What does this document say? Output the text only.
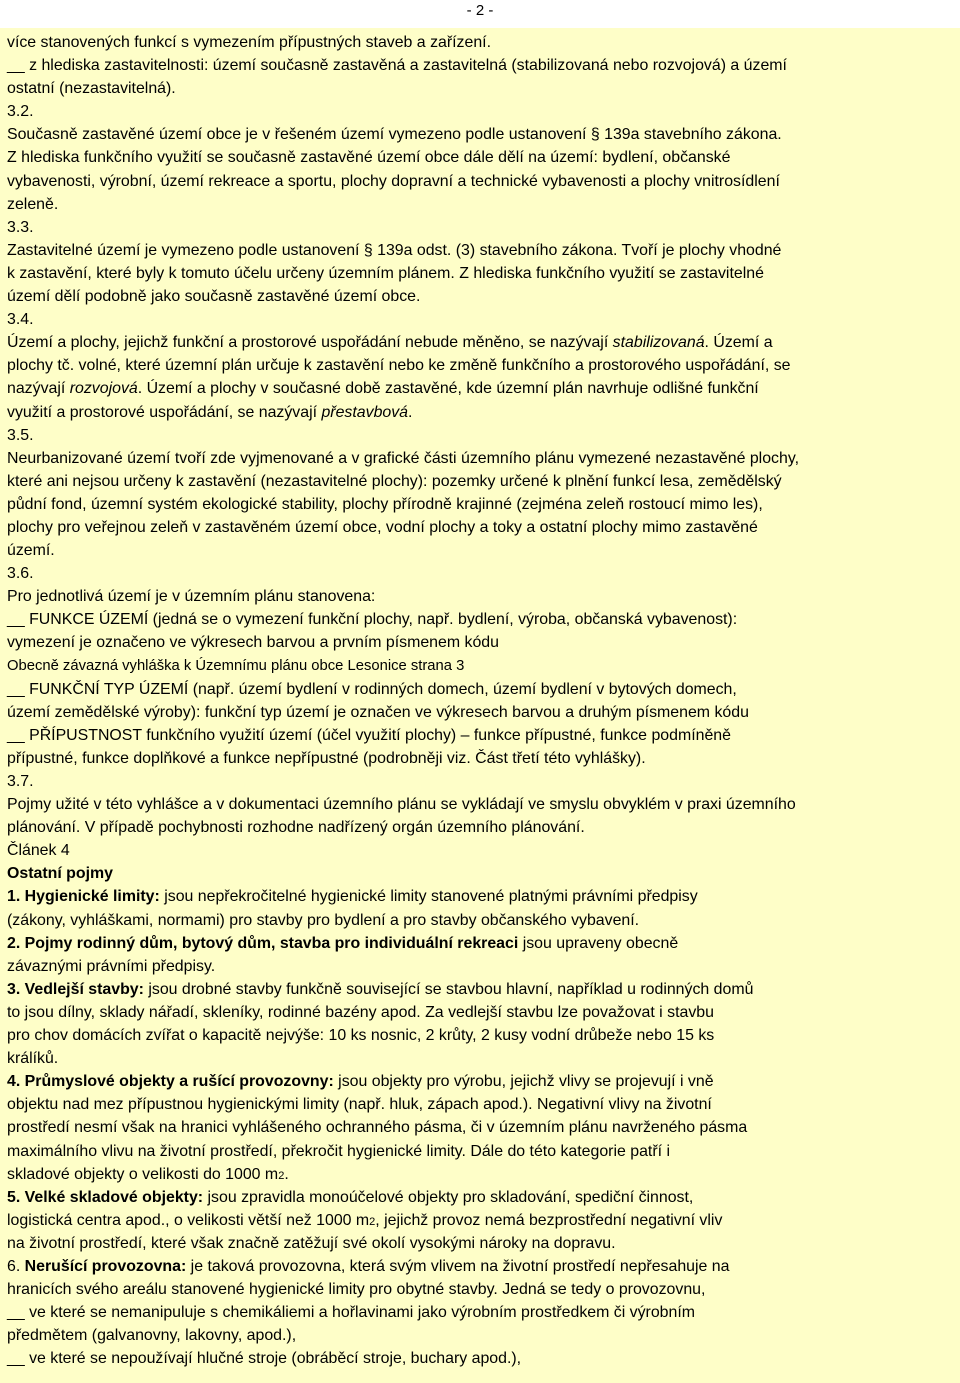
- 2 -
více stanovených funkcí s vymezením přípustných staveb a zařízení.
__ z hlediska zastavitelnosti: území současně zastavěná a zastavitelná (stabilizovaná nebo rozvojová) a území
ostatní (nezastavitelná).
3.2.
Současně zastavěné území obce je v řešeném území vymezeno podle ustanovení § 139a stavebního zákona.
Z hlediska funkčního využití se současně zastavěné území obce dále dělí na území: bydlení, občanské
vybavenosti, výrobní, území rekreace a sportu, plochy dopravní a technické vybavenosti a plochy vnitrosídlení
zeleně.
3.3.
Zastavitelné území je vymezeno podle ustanovení § 139a odst. (3) stavebního zákona. Tvoří je plochy vhodné
k zastavění, které byly k tomuto účelu určeny územním plánem. Z hlediska funkčního využití se zastavitelné
území dělí podobně jako současně zastavěné území obce.
3.4.
Území a plochy, jejichž funkční a prostorové uspořádání nebude měněno, se nazývají stabilizovaná. Území a
plochy tč. volné, které územní plán určuje k zastavění nebo ke změně funkčního a prostorového uspořádání, se
nazývají rozvojová. Území a plochy v současné době zastavěné, kde územní plán navrhuje odlišné funkční
využití a prostorové uspořádání, se nazývají přestavbová.
3.5.
Neurbanizované území tvoří zde vyjmenované a v grafické části územního plánu vymezené nezastavěné plochy,
které ani nejsou určeny k zastavění (nezastavitelné plochy): pozemky určené k plnění funkcí lesa, zemědělský
půdní fond, územní systém ekologické stability, plochy přírodně krajinné (zejména zeleň rostoucí mimo les),
plochy pro veřejnou zeleň v zastavěném území obce, vodní plochy a toky a ostatní plochy mimo zastavěné
území.
3.6.
Pro jednotlivá území je v územním plánu stanovena:
__ FUNKCE ÚZEMÍ (jedná se o vymezení funkční plochy, např. bydlení, výroba, občanská vybavenost):
vymezení je označeno ve výkresech barvou a prvním písmenem kódu
Obecně závazná vyhláška k Územnímu plánu obce Lesonice strana 3
__ FUNKČNÍ TYP ÚZEMÍ (např. území bydlení v rodinných domech, území bydlení v bytových domech,
území zemědělské výroby): funkční typ území je označen ve výkresech barvou a druhým písmenem kódu
__ PŘÍPUSTNOST funkčního využití území (účel využití plochy) – funkce přípustné, funkce podmíněně
přípustné, funkce doplňkové a funkce nepřípustné (podrobněji viz. Část třetí této vyhlášky).
3.7.
Pojmy užité v této vyhlášce a v dokumentaci územního plánu se vykládají ve smyslu obvyklém v praxi územního
plánování. V případě pochybnosti rozhodne nadřízený orgán územního plánování.
Článek 4
Ostatní pojmy
1. Hygienické limity: jsou nepřekročitelné hygienické limity stanovené platnými právními předpisy
(zákony, vyhláškami, normami) pro stavby pro bydlení a pro stavby občanského vybavení.
2. Pojmy rodinný dům, bytový dům, stavba pro individuální rekreaci jsou upraveny obecně
závaznými právními předpisy.
3. Vedlejší stavby: jsou drobné stavby funkčně související se stavbou hlavní, například u rodinných domů
to jsou dílny, sklady nářadí, skleníky, rodinné bazény apod. Za vedlejší stavbu lze považovat i stavbu
pro chov domácích zvířat o kapacitě nejvýše: 10 ks nosnic, 2 krůty, 2 kusy vodní drůbeže nebo 15 ks
králíků.
4. Průmyslové objekty a rušící provozovny: jsou objekty pro výrobu, jejichž vlivy se projevují i vně
objektu nad mez přípustnou hygienickými limity (např. hluk, zápach apod.). Negativní vlivy na životní
prostředí nesmí však na hranici vyhlášeného ochranného pásma, či v územním plánu navrženého pásma
maximálního vlivu na životní prostředí, překročit hygienické limity. Dále do této kategorie patří i
skladové objekty o velikosti do 1000 m2.
5. Velké skladové objekty: jsou zpravidla monoúčelové objekty pro skladování, spediční činnost,
logistická centra apod., o velikosti větší než 1000 m2, jejichž provoz nemá bezprostřední negativní vliv
na životní prostředí, které však značně zatěžují své okolí vysokými nároky na dopravu.
6. Nerušící provozovna: je taková provozovna, která svým vlivem na životní prostředí nepřesahuje na
hranicích svého areálu stanovené hygienické limity pro obytné stavby. Jedná se tedy o provozovnu,
__ ve které se nemanipuluje s chemikáliemi a hořlavinami jako výrobním prostředkem či výrobním
předmětem (galvanovny, lakovny, apod.),
__ ve které se nepoužívají hlučné stroje (obráběcí stroje, buchary apod.),
